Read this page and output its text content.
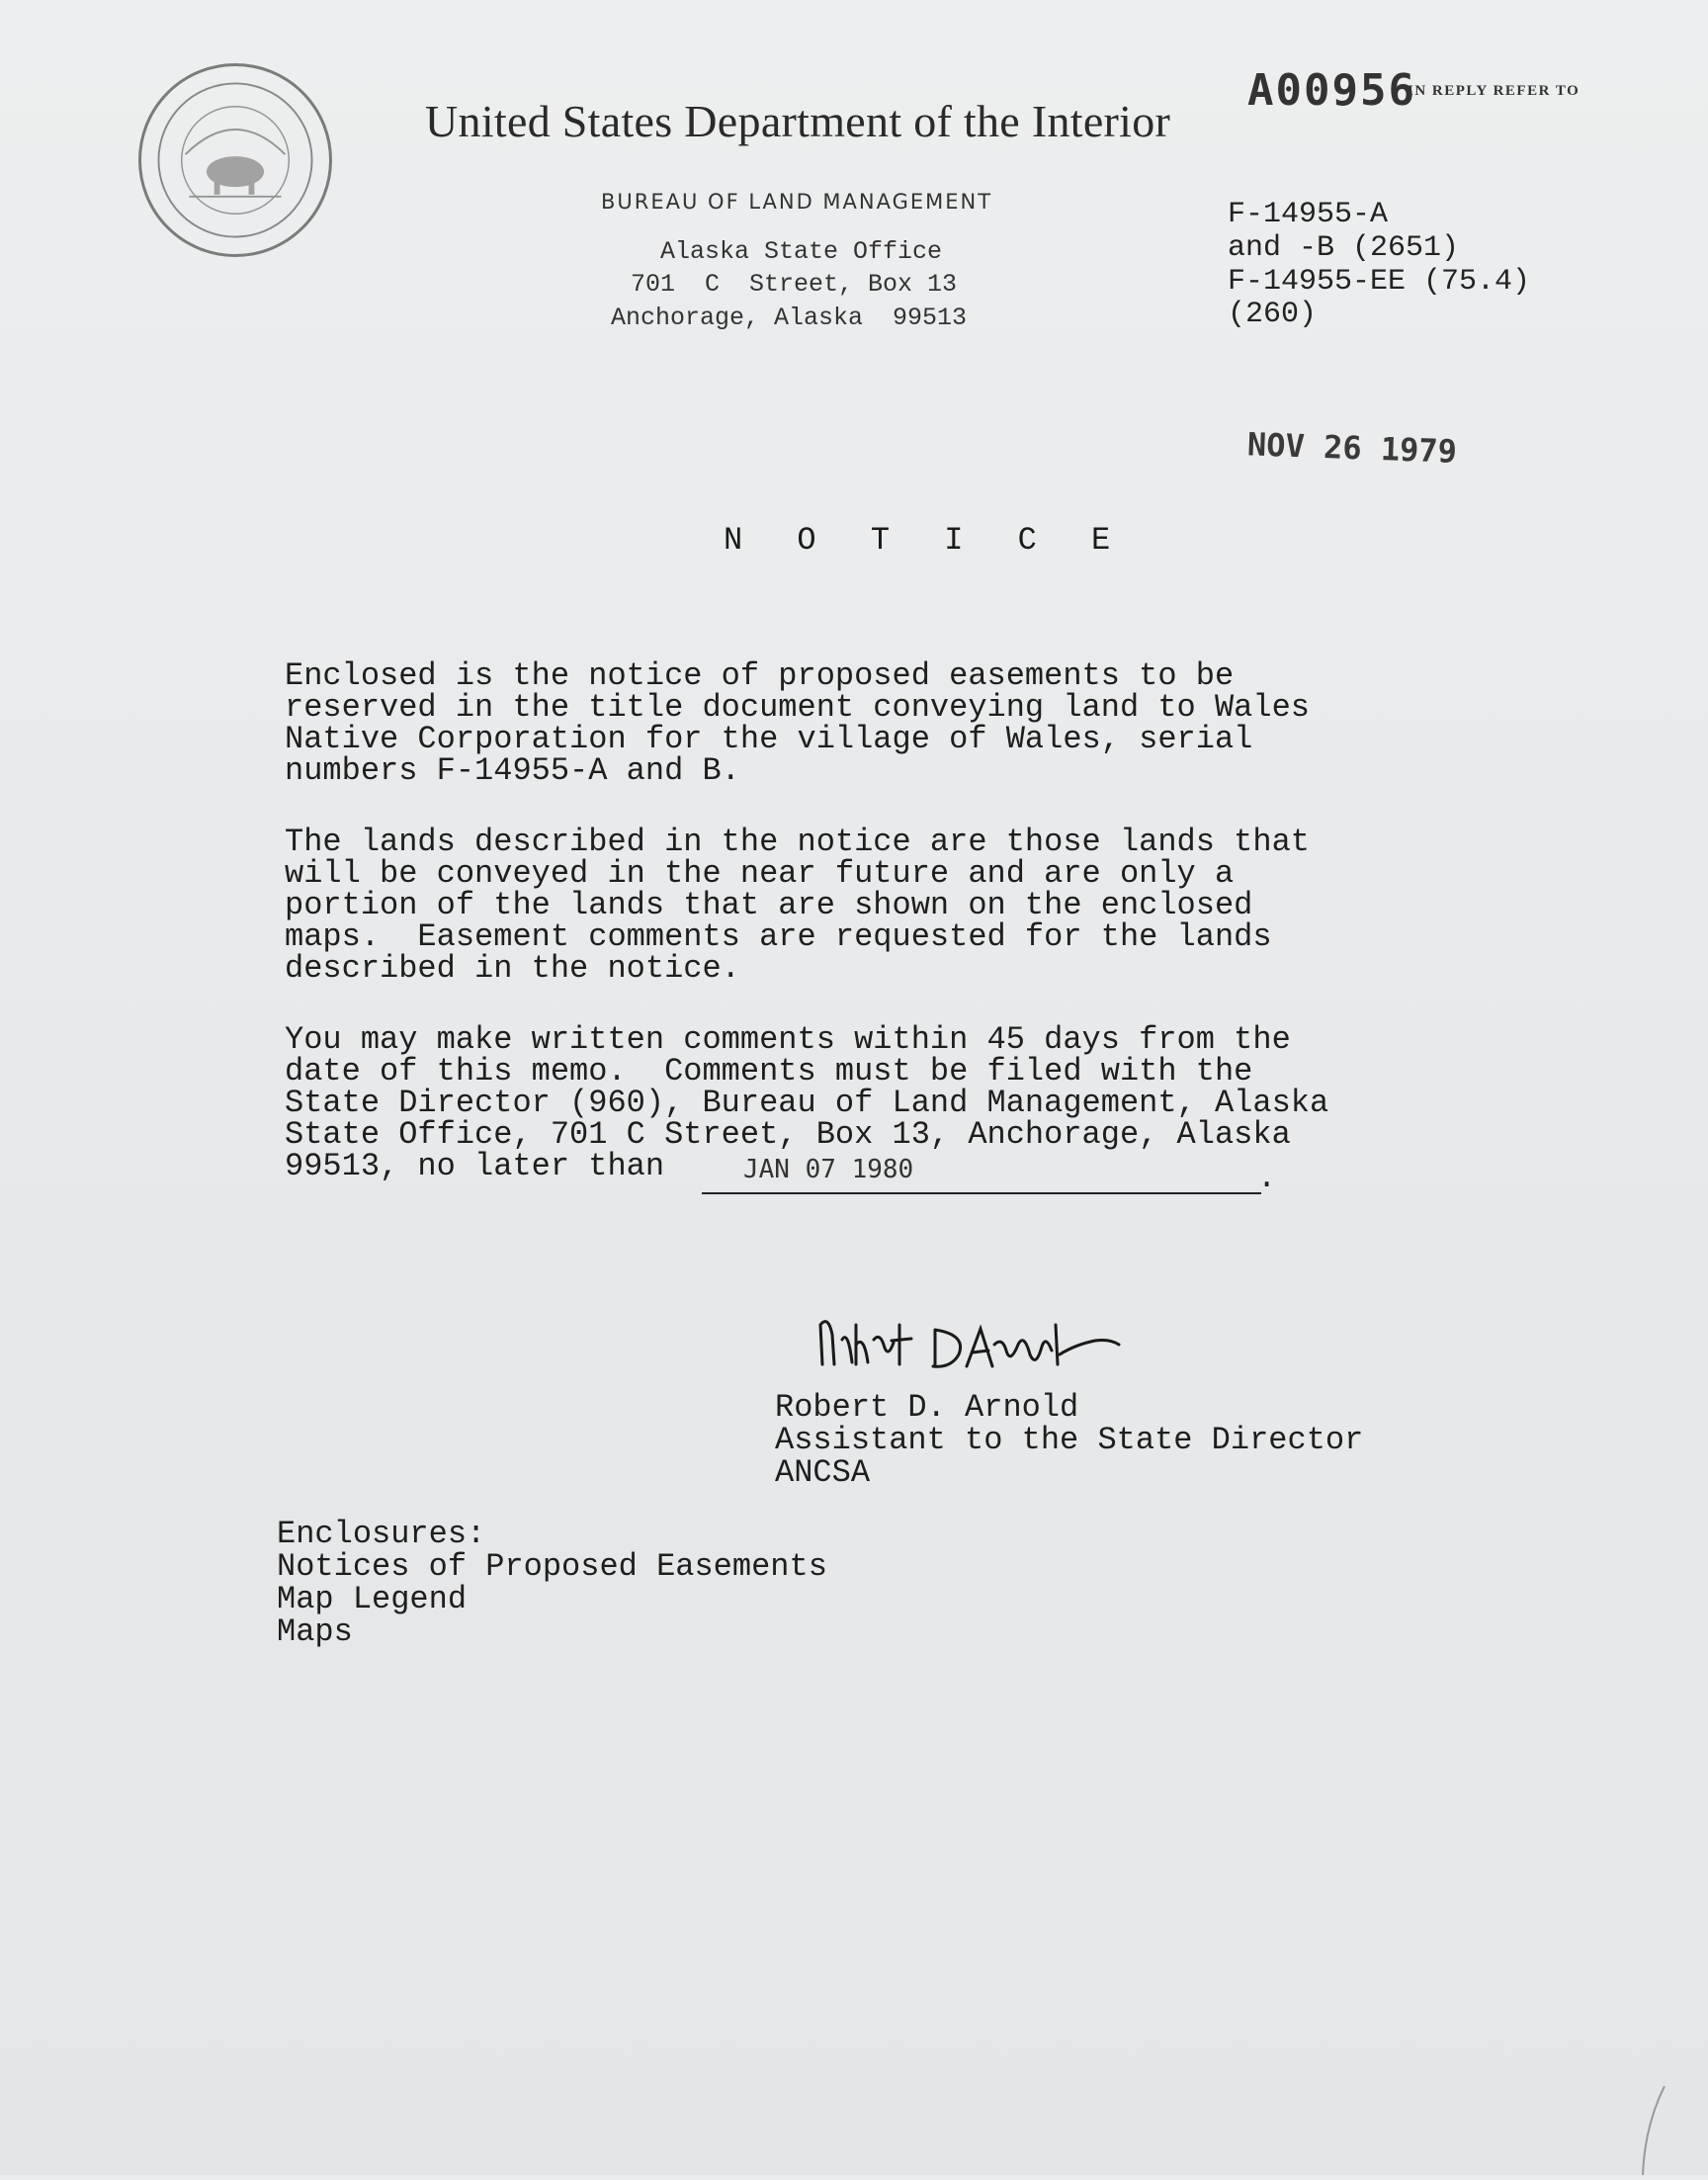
United States Department of the Interior
A00956
IN REPLY REFER TO
BUREAU OF LAND MANAGEMENT
Alaska State Office
701  C  Street, Box 13
Anchorage, Alaska  99513
F-14955-A
and -B (2651)
F-14955-EE (75.4)
(260)
NOV 26 1979
N O T I C E
Enclosed is the notice of proposed easements to be
reserved in the title document conveying land to Wales
Native Corporation for the village of Wales, serial
numbers F-14955-A and B.
The lands described in the notice are those lands that
will be conveyed in the near future and are only a
portion of the lands that are shown on the enclosed
maps.  Easement comments are requested for the lands
described in the notice.
You may make written comments within 45 days from the
date of this memo.  Comments must be filed with the
State Director (960), Bureau of Land Management, Alaska
State Office, 701 C Street, Box 13, Anchorage, Alaska
99513, no later than	JAN 07 1980	.
Robert D. Arnold
Assistant to the State Director
ANCSA
Enclosures:
Notices of Proposed Easements
Map Legend
Maps
